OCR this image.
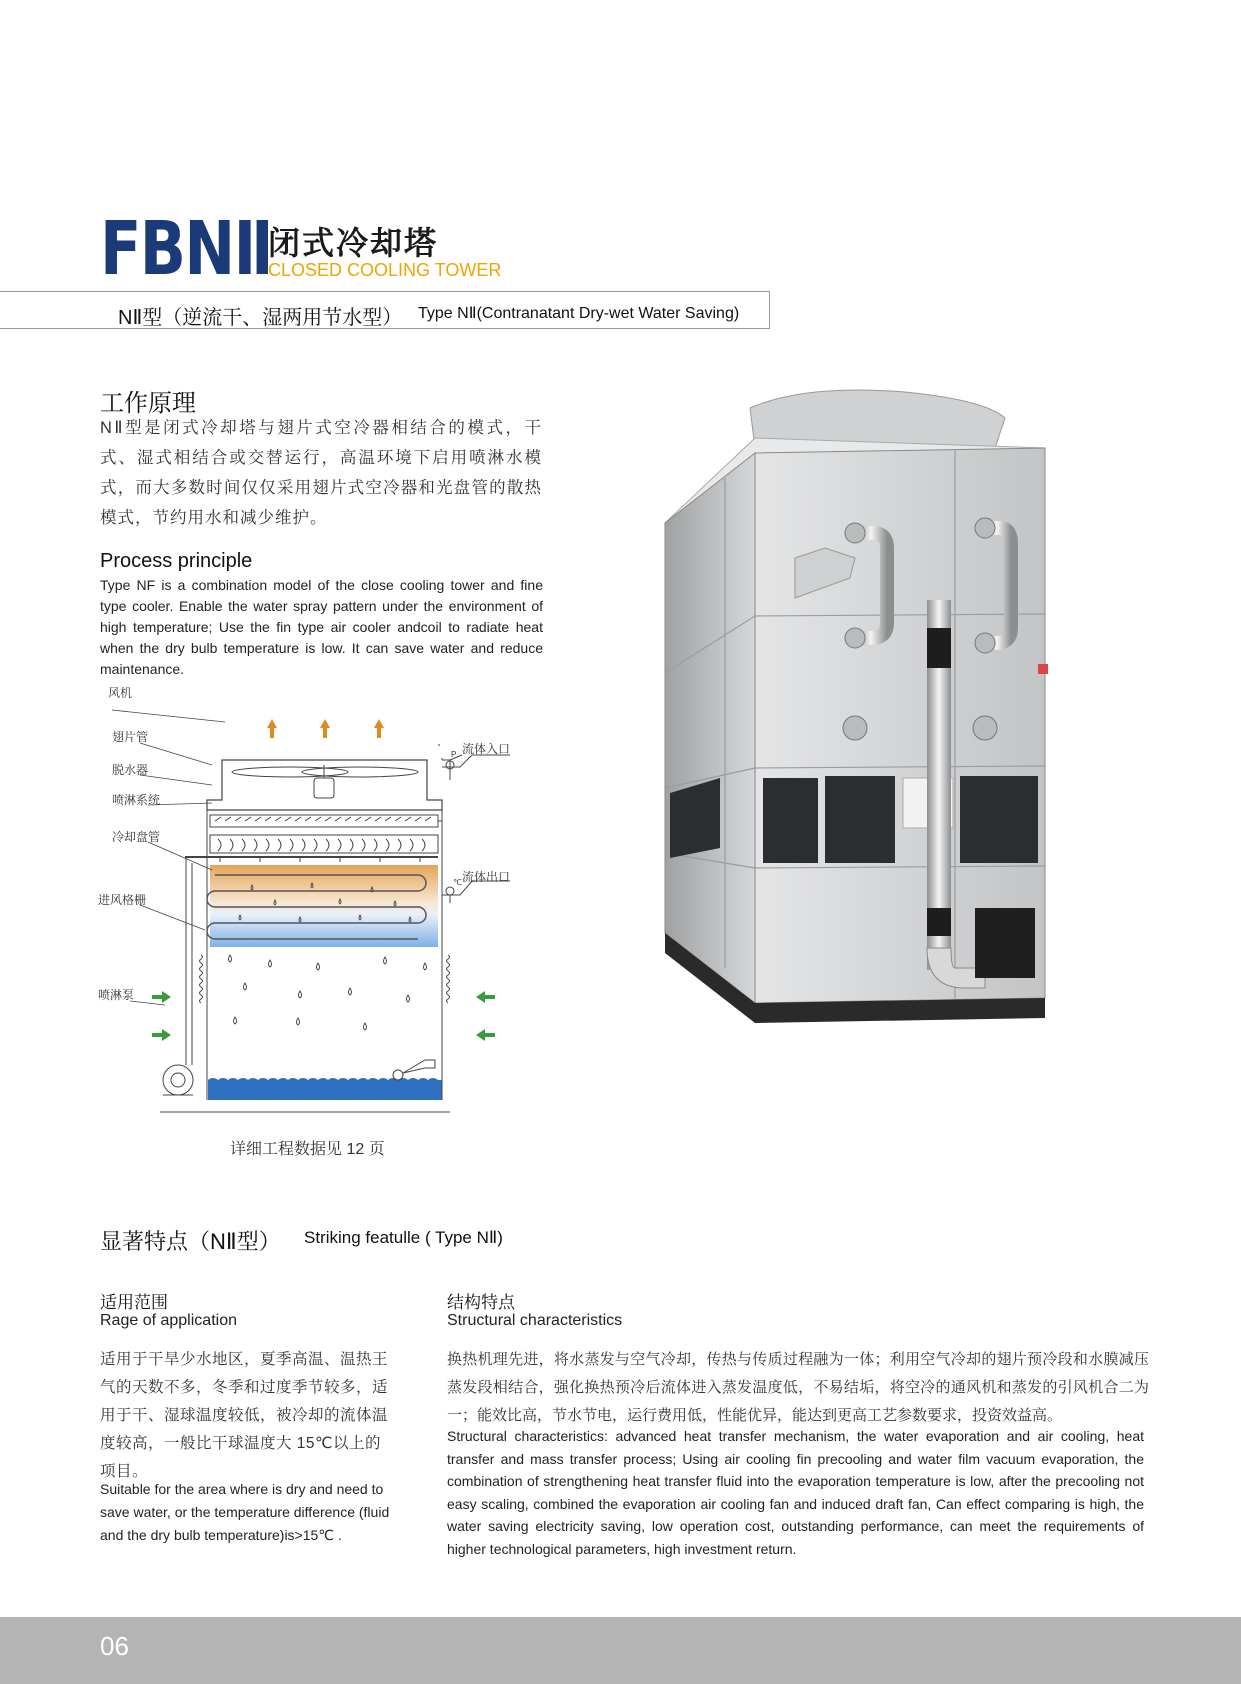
FBNⅡ
闭式冷却塔
CLOSED COOLING TOWER
NⅡ型（逆流干、湿两用节水型） Type NⅡ(Contranatant Dry-wet Water Saving)
工作原理
NⅡ型是闭式冷却塔与翅片式空冷器相结合的模式，干式、湿式相结合或交替运行，高温环境下启用喷淋水模式，而大多数时间仅仅采用翅片式空冷器和光盘管的散热模式，节约用水和减少维护。
Process principle
Type NF is a combination model of the close cooling tower and fine type cooler. Enable the water spray pattern under the environment of high temperature; Use the fin type air cooler andcoil to radiate heat when the dry bulb temperature is low. It can save water and reduce maintenance.
P
℃
流体入口
流体出口
风机
翅片管
脱水器
喷淋系统
冷却盘管
进风格栅
喷淋泵
详细工程数据见 12 页
显著特点（NⅡ型） Striking featulle ( Type NⅡ)
适用范围
Rage of application
适用于干旱少水地区，夏季高温、温热王气的天数不多，冬季和过度季节较多，适用于干、湿球温度较低，被冷却的流体温度较高，一般比干球温度大 15℃以上的项目。
Suitable for the area where is dry and need to save water, or the temperature difference (fluid and the dry bulb temperature)is>15℃ .
结构特点
Structural characteristics
换热机理先进，将水蒸发与空气冷却，传热与传质过程融为一体；利用空气冷却的翅片预冷段和水膜减压蒸发段相结合，强化换热预冷后流体进入蒸发温度低，不易结垢，将空冷的通风机和蒸发的引风机合二为一；能效比高，节水节电，运行费用低，性能优异，能达到更高工艺参数要求，投资效益高。
Structural characteristics: advanced heat transfer mechanism, the water evaporation and air cooling, heat transfer and mass transfer process; Using air cooling fin precooling and water film vacuum evaporation, the combination of strengthening heat transfer fluid into the evaporation temperature is low, after the precooling not easy scaling, combined the evaporation air cooling fan and induced draft fan, Can effect comparing is high, the water saving electricity saving, low operation cost, outstanding performance, can meet the requirements of higher technological parameters, high investment return.
06
